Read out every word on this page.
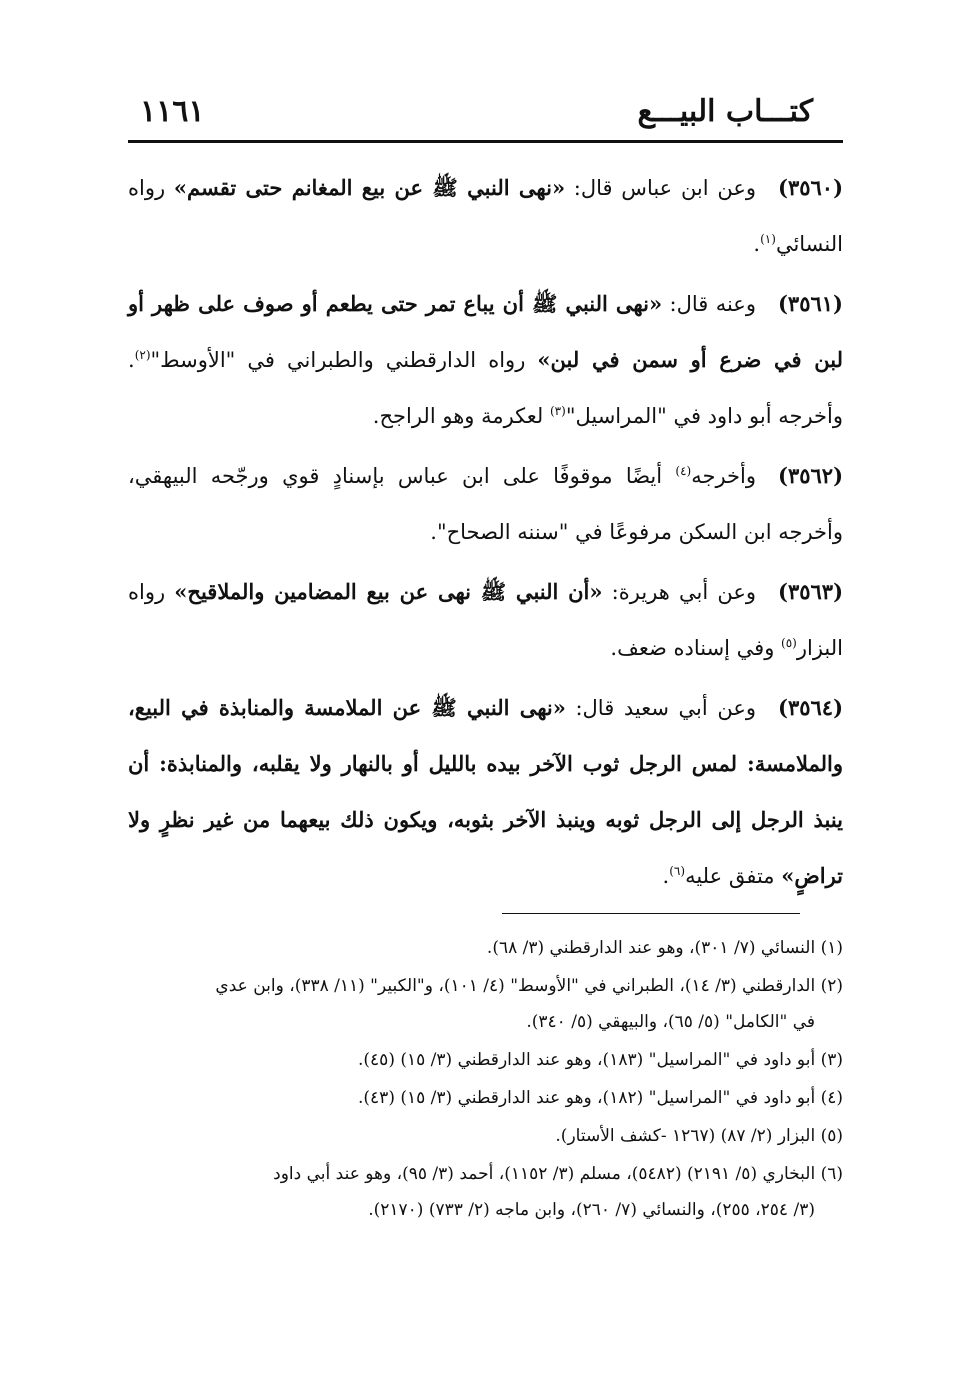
كتـــاب البيـــع
١١٦١

(٣٥٦٠)وعن ابن عباس قال: «نهى النبي ﷺ عن بيع المغانم حتى تقسم» رواه النسائي$^{(١)}$.

(٣٥٦١)وعنه قال: «نهى النبي ﷺ أن يباع تمر حتى يطعم أو صوف على ظهر أو لبن في ضرع أو سمن في لبن» رواه الدارقطني والطبراني في "الأوسط"$^{(٢)}$. وأخرجه أبو داود في "المراسيل"$^{(٣)}$ لعكرمة وهو الراجح.

(٣٥٦٢)وأخرجه$^{(٤)}$ أيضًا موقوفًا على ابن عباس بإسنادٍ قوي ورجّحه البيهقي، وأخرجه ابن السكن مرفوعًا في "سننه الصحاح".

(٣٥٦٣)وعن أبي هريرة: «أن النبي ﷺ نهى عن بيع المضامين والملاقيح» رواه البزار$^{(٥)}$ وفي إسناده ضعف.

(٣٥٦٤)وعن أبي سعيد قال: «نهى النبي ﷺ عن الملامسة والمنابذة في البيع، والملامسة: لمس الرجل ثوب الآخر بيده بالليل أو بالنهار ولا يقلبه، والمنابذة: أن ينبذ الرجل إلى الرجل ثوبه وينبذ الآخر بثوبه، ويكون ذلك بيعهما من غير نظرٍ ولا تراضٍ» متفق عليه$^{(٦)}$.

(١) النسائي (٧/ ٣٠١)، وهو عند الدارقطني (٣/ ٦٨).

(٢) الدارقطني (٣/ ١٤)، الطبراني في "الأوسط" (٤/ ١٠١)، و"الكبير" (١١/ ٣٣٨)، وابن عدي
في "الكامل" (٥/ ٦٥)، والبيهقي (٥/ ٣٤٠).

(٣) أبو داود في "المراسيل" (١٨٣)، وهو عند الدارقطني (٣/ ١٥) (٤٥).

(٤) أبو داود في "المراسيل" (١٨٢)، وهو عند الدارقطني (٣/ ١٥) (٤٣).

(٥) البزار (٢/ ٨٧) (١٢٦٧ -كشف الأستار).

(٦) البخاري (٥/ ٢١٩١) (٥٤٨٢)، مسلم (٣/ ١١٥٢)، أحمد (٣/ ٩٥)، وهو عند أبي داود
(٣/ ٢٥٤، ٢٥٥)، والنسائي (٧/ ٢٦٠)، وابن ماجه (٢/ ٧٣٣) (٢١٧٠).
